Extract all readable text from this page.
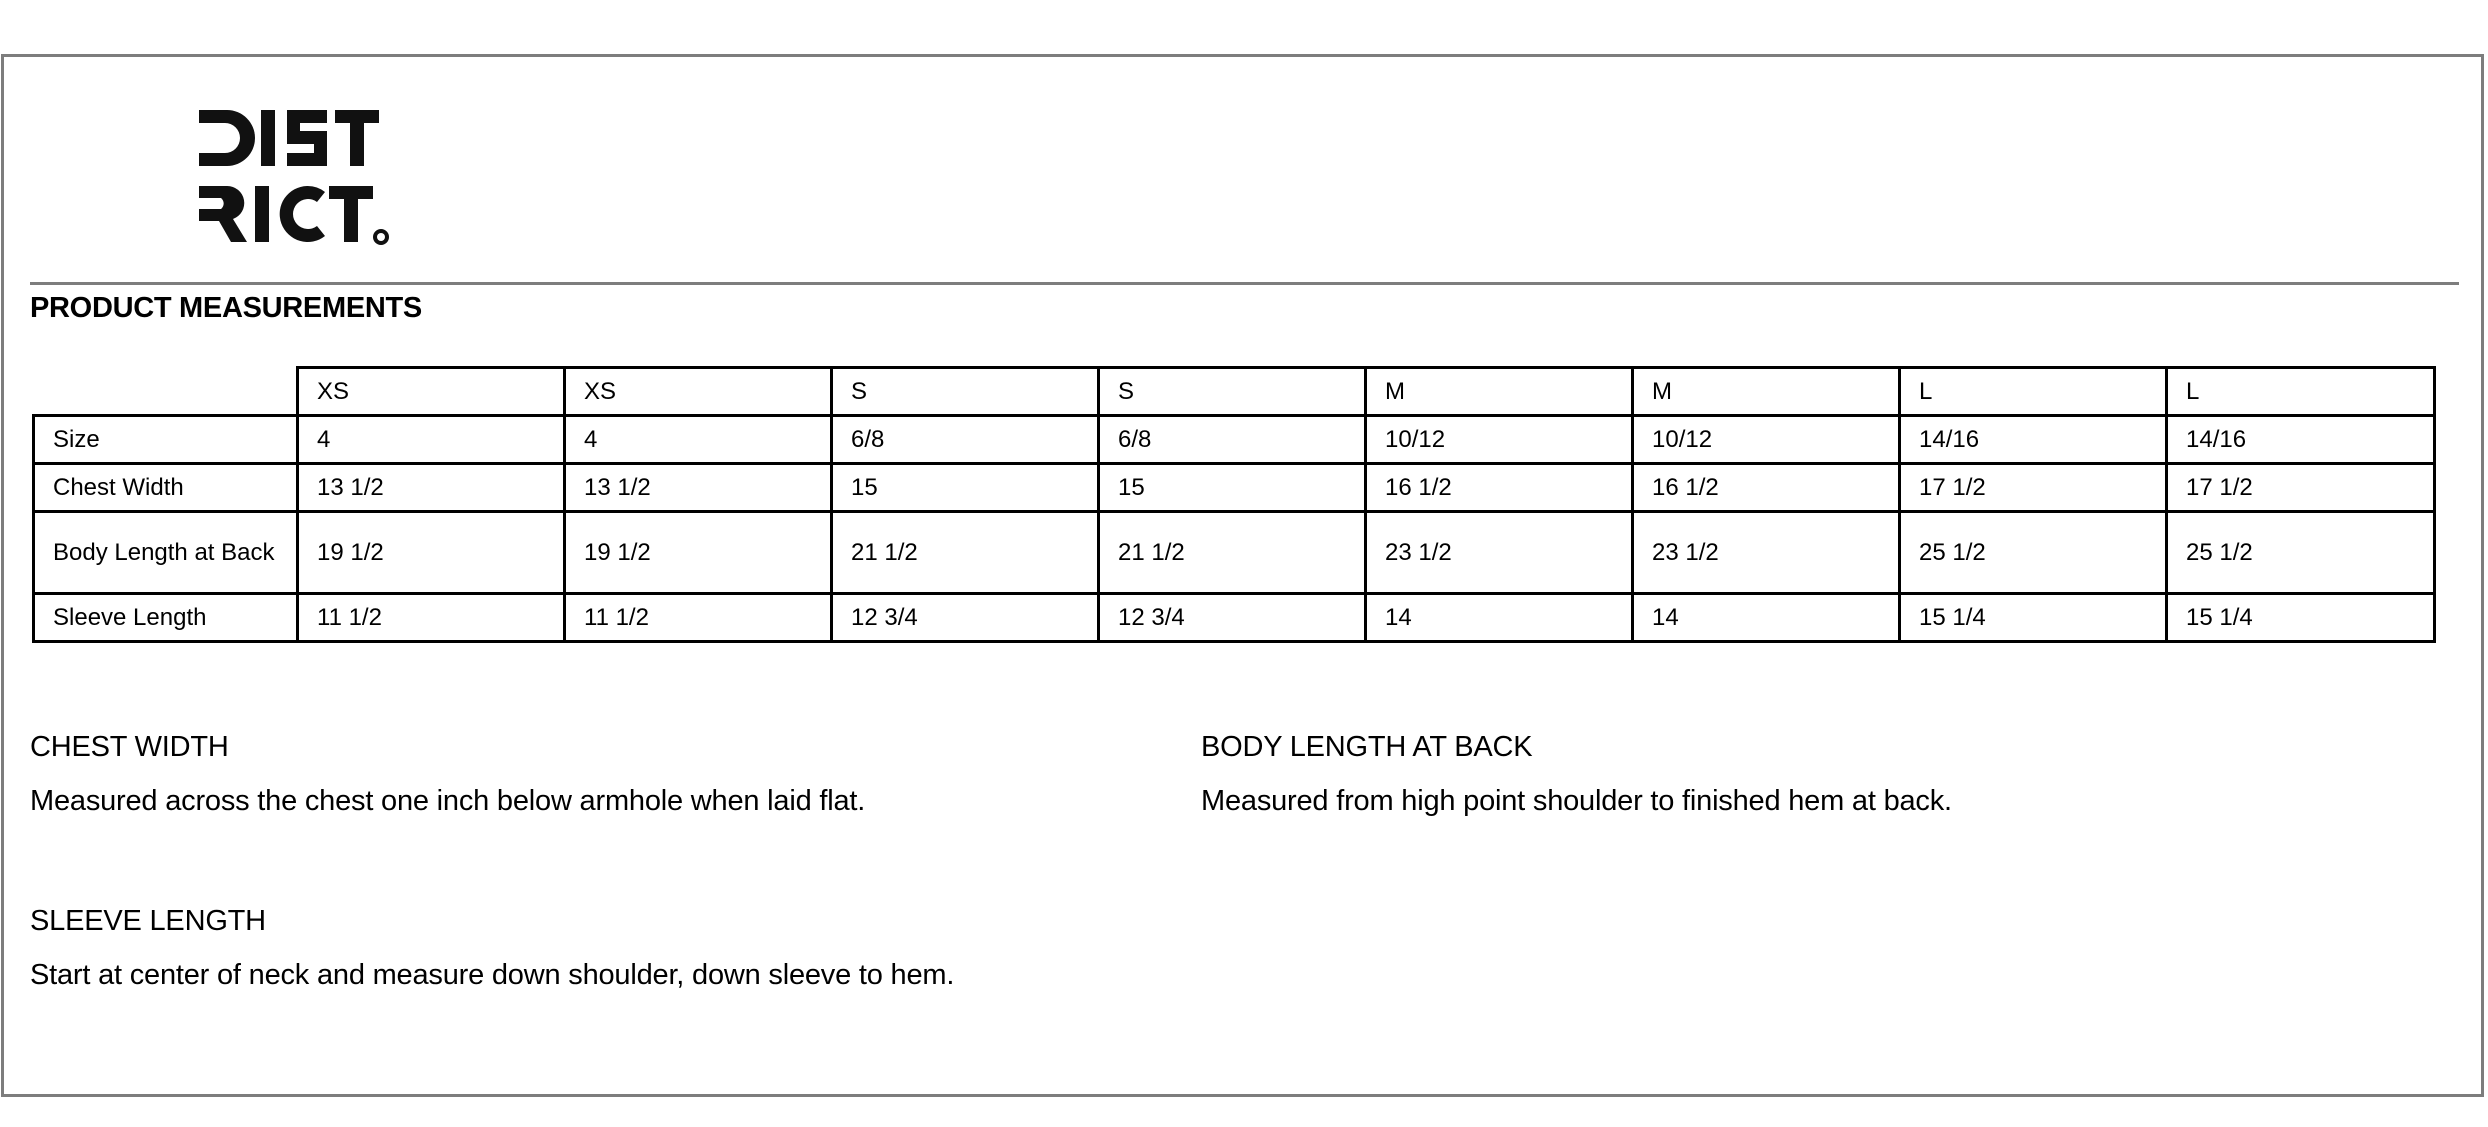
PRODUCT MEASUREMENTS
	XS	XS	S	S	M	M	L	L
Size	4	4	6/8	6/8	10/12	10/12	14/16	14/16
Chest Width	13 1/2	13 1/2	15	15	16 1/2	16 1/2	17 1/2	17 1/2
Body Length at Back	19 1/2	19 1/2	21 1/2	21 1/2	23 1/2	23 1/2	25 1/2	25 1/2
Sleeve Length	11 1/2	11 1/2	12 3/4	12 3/4	14	14	15 1/4	15 1/4
CHEST WIDTH
Measured across the chest one inch below armhole when laid flat.
BODY LENGTH AT BACK
Measured from high point shoulder to finished hem at back.
SLEEVE LENGTH
Start at center of neck and measure down shoulder, down sleeve to hem.
